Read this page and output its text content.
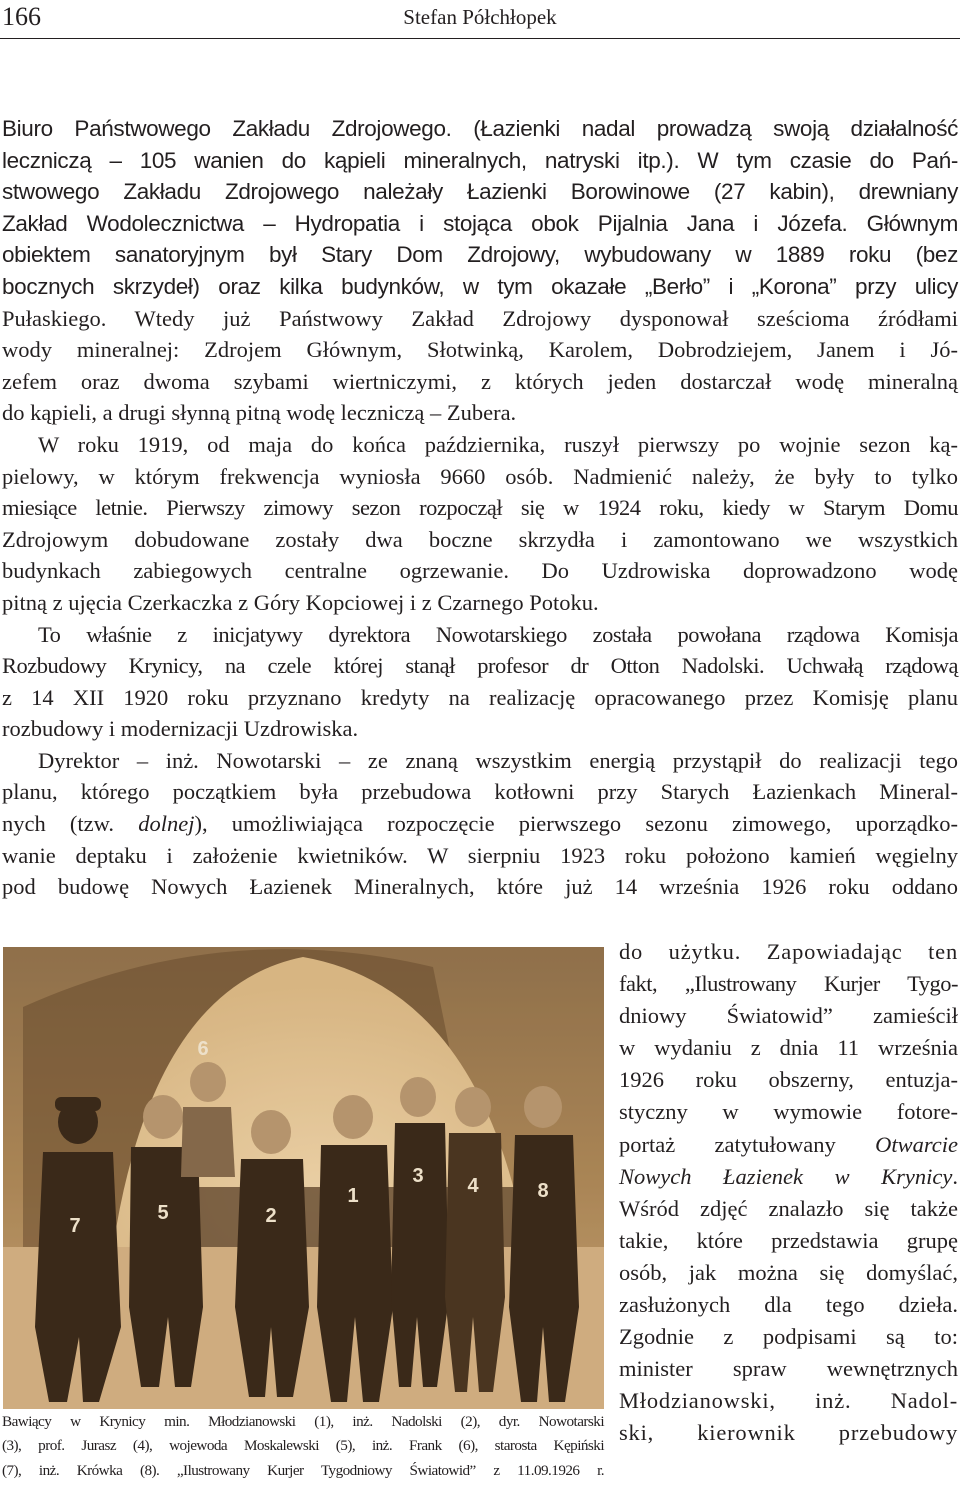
166	Stefan Półchłopek
Biuro Państwowego Zakładu Zdrojowego. (Łazienki nadal prowadzą swoją działalność
leczniczą – 105 wanien do kąpieli mineralnych, natryski itp.). W tym czasie do Pań-
stwowego Zakładu Zdrojowego należały Łazienki Borowinowe (27 kabin), drewniany
Zakład Wodolecznictwa – Hydropatia i stojąca obok Pijalnia Jana i Józefa. Głównym
obiektem sanatoryjnym był Stary Dom Zdrojowy, wybudowany w 1889 roku (bez
bocznych skrzydeł) oraz kilka budynków, w tym okazałe „Berło” i „Korona” przy ulicy
Pułaskiego. Wtedy już Państwowy Zakład Zdrojowy dysponował sześcioma źródłami
wody mineralnej: Zdrojem Głównym, Słotwinką, Karolem, Dobrodziejem, Janem i Jó-
zefem oraz dwoma szybami wiertniczymi, z których jeden dostarczał wodę mineralną
do kąpieli, a drugi słynną pitną wodę leczniczą – Zubera.
W roku 1919, od maja do końca października, ruszył pierwszy po wojnie sezon ką-
pielowy, w którym frekwencja wyniosła 9660 osób. Nadmienić należy, że były to tylko
miesiące letnie. Pierwszy zimowy sezon rozpoczął się w 1924 roku, kiedy w Starym Domu
Zdrojowym dobudowane zostały dwa boczne skrzydła i zamontowano we wszystkich
budynkach zabiegowych centralne ogrzewanie. Do Uzdrowiska doprowadzono wodę
pitną z ujęcia Czerkaczka z Góry Kopciowej i z Czarnego Potoku.
To właśnie z inicjatywy dyrektora Nowotarskiego została powołana rządowa Komisja
Rozbudowy Krynicy, na czele której stanął profesor dr Otton Nadolski. Uchwałą rządową
z 14 XII 1920 roku przyznano kredyty na realizację opracowanego przez Komisję planu
rozbudowy i modernizacji Uzdrowiska.
Dyrektor – inż. Nowotarski – ze znaną wszystkim energią przystąpił do realizacji tego
planu, którego początkiem była przebudowa kotłowni przy Starych Łazienkach Mineral-
nych (tzw. dolnej), umożliwiająca rozpoczęcie pierwszego sezonu zimowego, uporządko-
wanie deptaku i założenie kwietników. W sierpniu 1923 roku położono kamień węgielny
pod budowę Nowych Łazienek Mineralnych, które już 14 września 1926 roku oddano
1
2
3 4
5
6
7
8
do użytku. Zapowiadając ten
fakt, „Ilustrowany Kurjer Tygo-
dniowy Światowid” zamieścił
w wydaniu z dnia 11 września
1926 roku obszerny, entuzja-
styczny w wymowie fotore-
portaż zatytułowany Otwarcie
Nowych Łazienek w Krynicy.
Wśród zdjęć znalazło się także
takie, które przedstawia grupę
osób, jak można się domyślać,
zasłużonych dla tego dzieła.
Zgodnie z podpisami są to:
minister spraw wewnętrznych
Młodzianowski, inż. Nadol-
ski, kierownik przebudowy
Bawiący w Krynicy min. Młodzianowski (1), inż. Nadolski (2), dyr. Nowotarski
(3), prof. Jurasz (4), wojewoda Moskalewski (5), inż. Frank (6), starosta Kępiński
(7), inż. Krówka (8). „Ilustrowany Kurjer Tygodniowy Światowid” z 11.09.1926 r.
